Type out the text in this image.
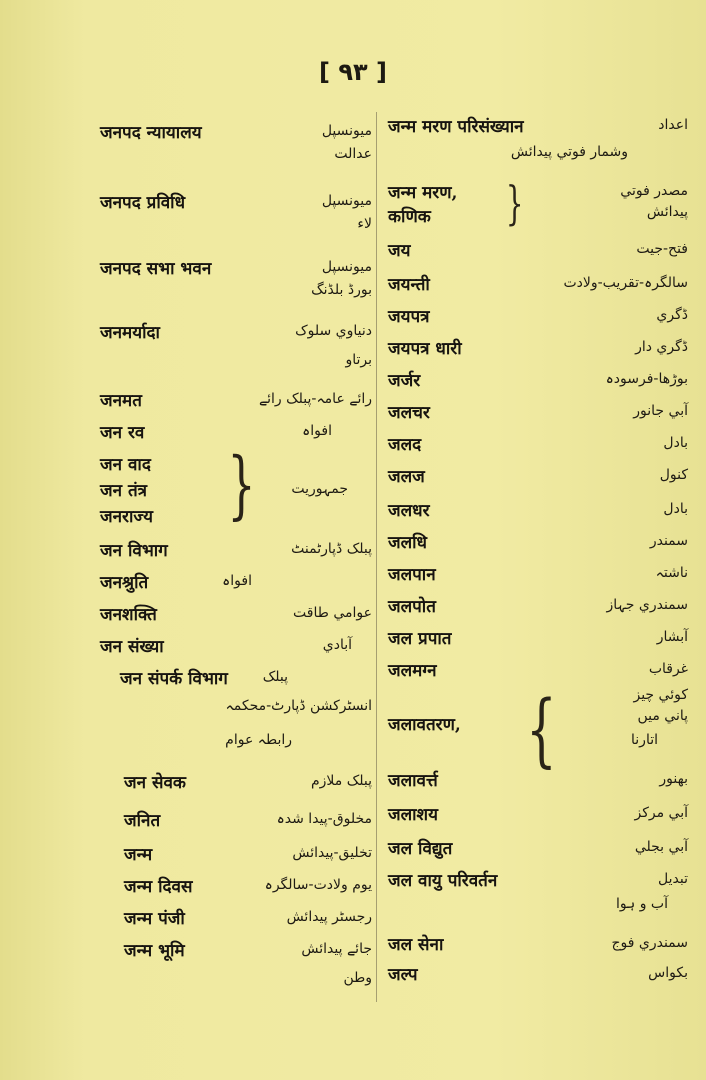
[ ۹۳ ]
जनपद न्यायालय	ميونسپل
عدالت
जनपद प्रविधि	ميونسپل
لاء
जनपद सभा भवन	ميونسپل
بورڈ بلڈنگ
जनमर्यादा	دنياوي سلوک
برتاو
जनमत	رائے عامہ-پبلک رائے
जन रव	افواہ
जन वाद
जन तंत्र	جمہوريت
जनराज्य }
जन विभाग	پبلک ڈپارٹمنٹ
जनश्रुति	افواہ
जनशक्ति	عوامي طاقت
जन संख्या	آبادي
जन संपर्क विभाग پبلک
انسٹرکشن ڈپارٹ-محکمہ
رابطہ عوام
जन सेवक	پبلک ملازم
जनित	مخلوق-پيدا شدہ
जन्म	تخليق-پيدائش
जन्म दिवस	يوم ولادت-سالگرہ
जन्म पंजी	رجسٹر پيدائش
जन्म भूमि	جائے پيدائش
وطن
जन्म मरण परिसंख्यान	اعداد
وشمار فوتي پيدائش
जन्म मरण,
कणिक }	مصدر فوتي
پيدائش
जय	فتح-جيت
जयन्ती	سالگرہ-تقريب-ولادت
जयपत्र	ڈگري
जयपत्र धारी	ڈگري دار
जर्जर	بوڑھا-فرسودہ
जलचर	آبي جانور
जलद	بادل
जलज	کنول
जलधर	بادل
जलधि	سمندر
जलपान	ناشتہ
जलपोत	سمندري جہاز
जल प्रपात	آبشار
जलमग्न	غرقاب
जलावतरण, {	کوئي چيز
پاني ميں
اتارنا
जलावर्त्त	بھنور
जलाशय	آبي مرکز
जल विद्युत	آبي بجلي
जल वायु परिवर्तन	تبديل
آب و ہوا
जल सेना	سمندري فوج
जल्प	بکواس
